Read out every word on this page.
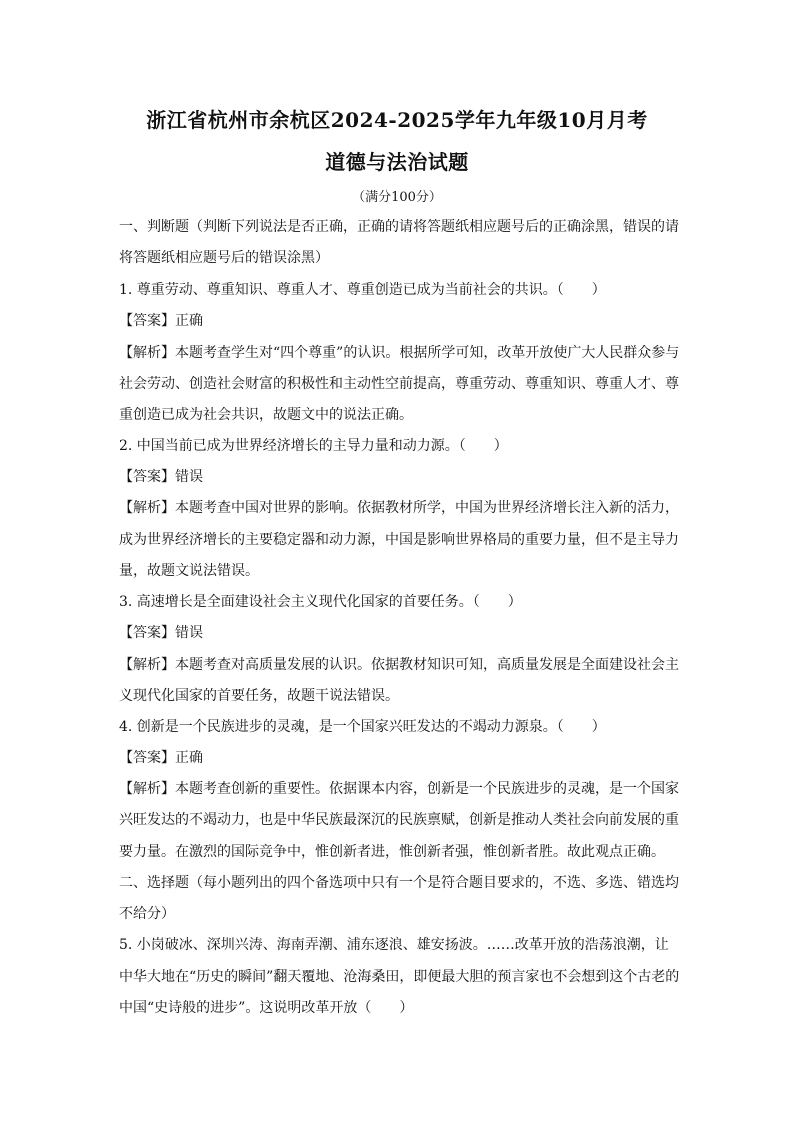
浙江省杭州市余杭区2024-2025学年九年级10月月考
道德与法治试题
（满分100分）
一、判断题（判断下列说法是否正确，正确的请将答题纸相应题号后的正确涂黑，错误的请
将答题纸相应题号后的错误涂黑）
1. 尊重劳动、尊重知识、尊重人才、尊重创造已成为当前社会的共识。（　　）
【答案】正确
【解析】本题考查学生对“四个尊重”的认识。根据所学可知，改革开放使广大人民群众参与
社会劳动、创造社会财富的积极性和主动性空前提高，尊重劳动、尊重知识、尊重人才、尊
重创造已成为社会共识，故题文中的说法正确。
2. 中国当前已成为世界经济增长的主导力量和动力源。（　　）
【答案】错误
【解析】本题考查中国对世界的影响。依据教材所学，中国为世界经济增长注入新的活力，
成为世界经济增长的主要稳定器和动力源，中国是影响世界格局的重要力量，但不是主导力
量，故题文说法错误。
3. 高速增长是全面建设社会主义现代化国家的首要任务。（　　）
【答案】错误
【解析】本题考查对高质量发展的认识。依据教材知识可知，高质量发展是全面建设社会主
义现代化国家的首要任务，故题干说法错误。
4. 创新是一个民族进步的灵魂，是一个国家兴旺发达的不竭动力源泉。（　　）
【答案】正确
【解析】本题考查创新的重要性。依据课本内容，创新是一个民族进步的灵魂，是一个国家
兴旺发达的不竭动力，也是中华民族最深沉的民族禀赋，创新是推动人类社会向前发展的重
要力量。在激烈的国际竞争中，惟创新者进，惟创新者强，惟创新者胜。故此观点正确。
二、选择题（每小题列出的四个备选项中只有一个是符合题目要求的，不选、多选、错选均
不给分）
5. 小岗破冰、深圳兴涛、海南弄潮、浦东逐浪、雄安扬波。……改革开放的浩荡浪潮，让
中华大地在“历史的瞬间”翻天覆地、沧海桑田，即便最大胆的预言家也不会想到这个古老的
中国“史诗般的进步”。这说明改革开放（　　）
